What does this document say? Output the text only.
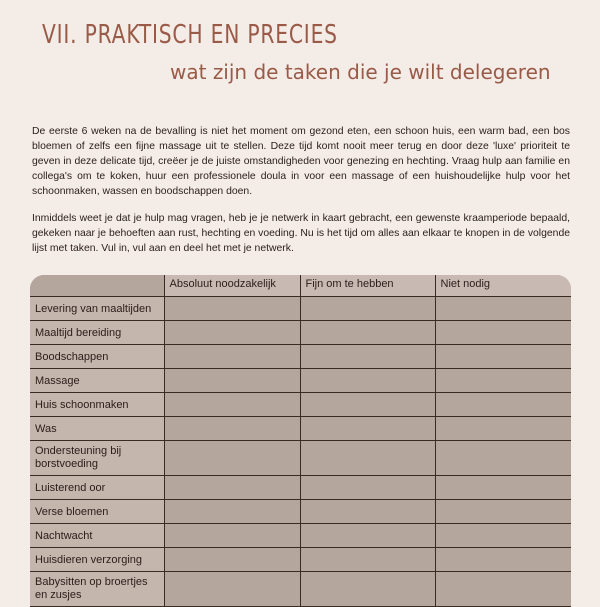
VII. PRAKTISCH EN PRECIES
wat zijn de taken die je wilt delegeren
De eerste 6 weken na de bevalling is niet het moment om gezond eten, een schoon huis, een warm bad, een bos bloemen of zelfs een fijne massage uit te stellen. Deze tijd komt nooit meer terug en door deze 'luxe' prioriteit te geven in deze delicate tijd, creëer je de juiste omstandigheden voor genezing en hechting. Vraag hulp aan familie en collega's om te koken, huur een professionele doula in voor een massage of een huishoudelijke hulp voor het schoonmaken, wassen en boodschappen doen.
Inmiddels weet je dat je hulp mag vragen, heb je je netwerk in kaart gebracht, een gewenste kraamperiode bepaald, gekeken naar je behoeften aan rust, hechting en voeding. Nu is het tijd om alles aan elkaar te knopen in de volgende lijst met taken. Vul in, vul aan en deel het met je netwerk.
	Absoluut noodzakelijk	Fijn om te hebben	Niet nodig
Levering van maaltijden			
Maaltijd bereiding			
Boodschappen			
Massage			
Huis schoonmaken			
Was			
Ondersteuning bij borstvoeding			
Luisterend oor			
Verse bloemen			
Nachtwacht			
Huisdieren verzorging			
Babysitten op broertjes en zusjes			
